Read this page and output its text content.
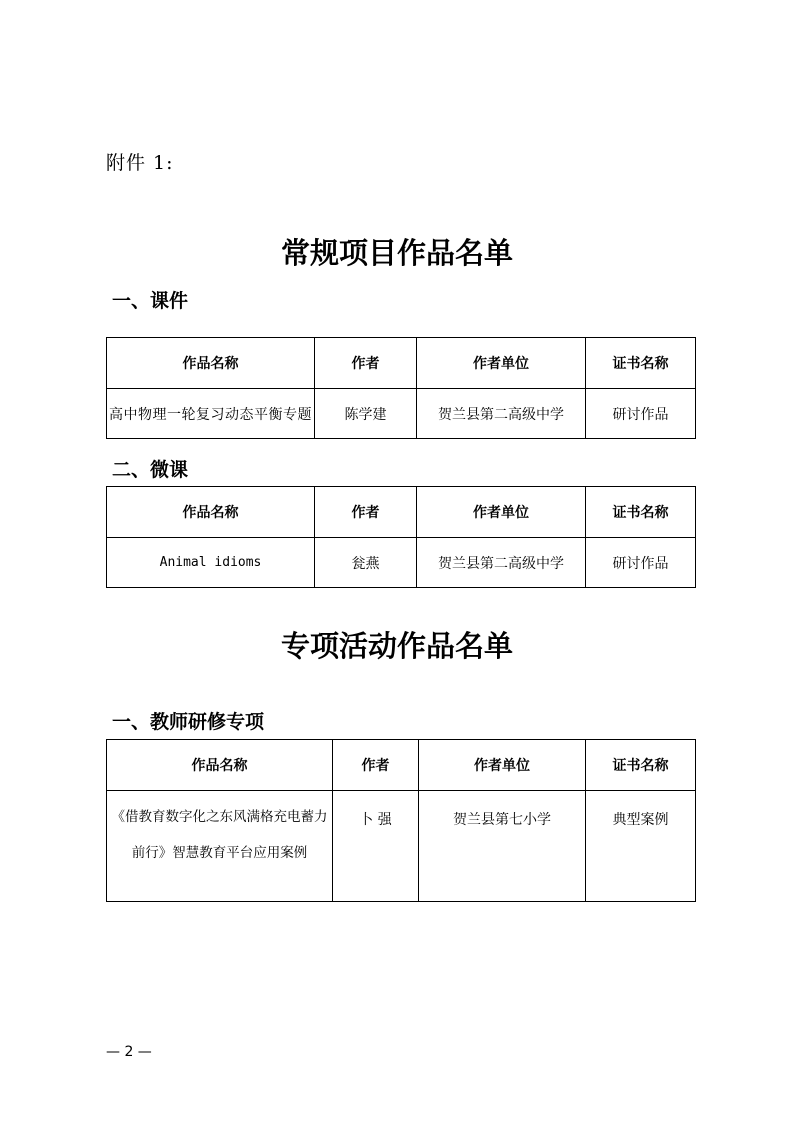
附件 1:
常规项目作品名单
一、课件
作品名称	作者	作者单位	证书名称
高中物理一轮复习动态平衡专题	陈学建	贺兰县第二高级中学	研讨作品
二、微课
作品名称	作者	作者单位	证书名称
Animal idioms	瓮燕	贺兰县第二高级中学	研讨作品
专项活动作品名单
一、教师研修专项
作品名称	作者	作者单位	证书名称
《借教育数字化之东风满格充电蓄力前行》智慧教育平台应用案例	卜 强	贺兰县第七小学	典型案例
— 2 —
